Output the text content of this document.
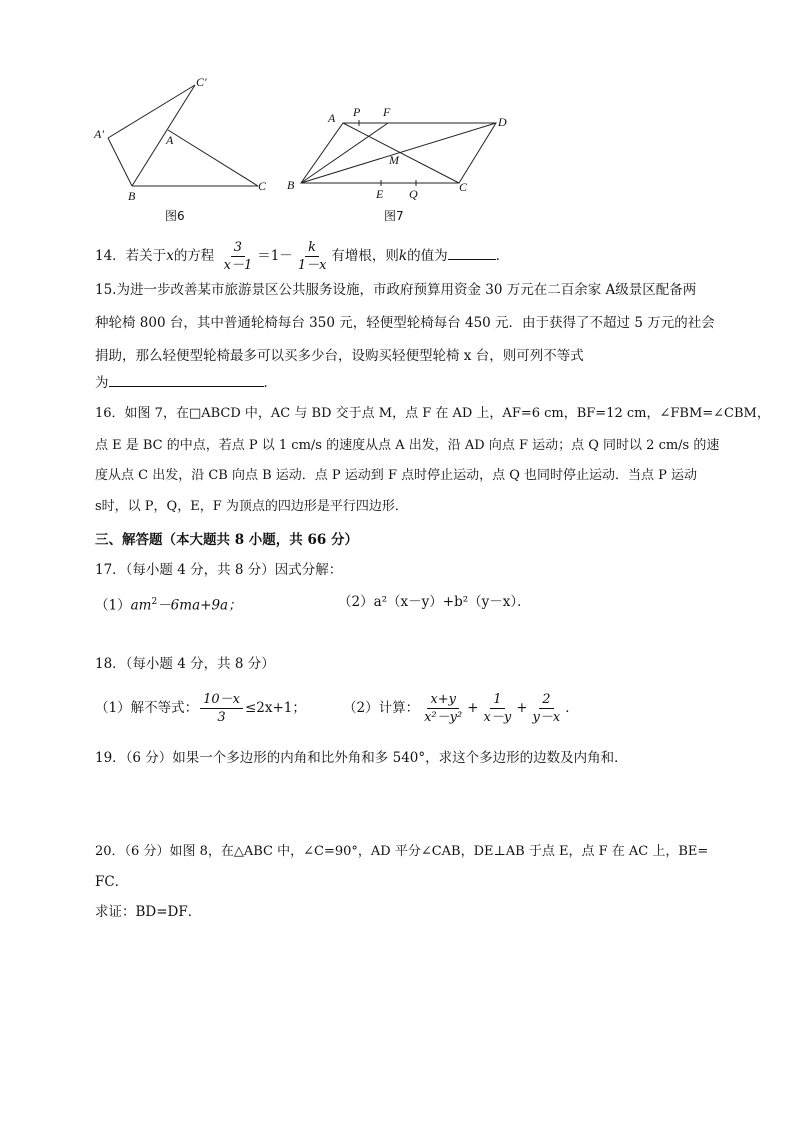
C'
A'	A
B
C
图6
A P F
D
M
B
E Q	C
图7
14．若关于x的方程 $\frac{3}{x-1} =1- \frac{k}{1-x}$ 有增根，则k的值为	．
15.为进一步改善某市旅游景区公共服务设施，市政府预算用资金 30 万元在二百余家 A级景区配备两
种轮椅 800 台，其中普通轮椅每台 350 元，轻便型轮椅每台 450 元．由于获得了不超过 5 万元的社会
捐助，那么轻便型轮椅最多可以买多少台，设购买轻便型轮椅 x 台，则可列不等式
为	．
16．如图 7，在□ABCD 中，AC 与 BD 交于点 M，点 F 在 AD 上，AF=6 cm，BF=12 cm，∠FBM=∠CBM，
点 E 是 BC 的中点，若点 P 以 1 cm/s 的速度从点 A 出发，沿 AD 向点 F 运动；点 Q 同时以 2 cm/s 的速
度从点 C 出发，沿 CB 向点 B 运动．点 P 运动到 F 点时停止运动，点 Q 也同时停止运动．当点 P 运动
s时，以 P，Q，E，F 为顶点的四边形是平行四边形．
三、解答题（本大题共 8 小题，共 66 分）
17．（每小题 4 分，共 8 分）因式分解：
$(1)am^2-6ma+9a$；	（2）a²（x－y）+b²（y－x）．
18．（每小题 4 分，共 8 分）
（1）解不等式： $\frac{10-x}{3} \le 2x+1$；	（2）计算： $\frac{x+y}{\text{x²－y²}} + \frac{1}{x-y} + \frac{2}{y-x}$ ．
19．（6 分）如果一个多边形的内角和比外角和多 540°，求这个多边形的边数及内角和．
20．（6 分）如图 8，在△ABC 中，∠C=90°，AD 平分∠CAB，DE⊥AB 于点 E，点 F 在 AC 上，BE=
FC．
求证：BD=DF．
